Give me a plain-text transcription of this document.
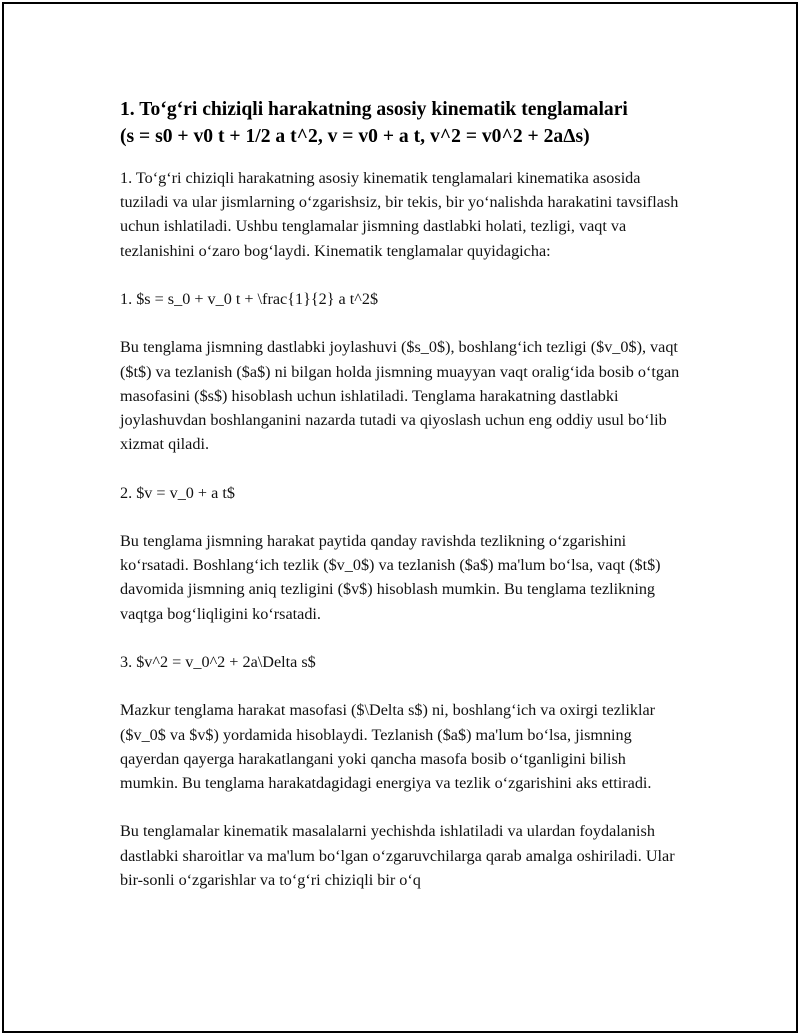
1. To‘g‘ri chiziqli harakatning asosiy kinematik tenglamalari
(s = s0 + v0 t + 1/2 a t^2, v = v0 + a t, v^2 = v0^2 + 2aΔs)

1. To‘g‘ri chiziqli harakatning asosiy kinematik tenglamalari kinematika asosida tuziladi va ular jismlarning o‘zgarishsiz, bir tekis, bir yo‘nalishda harakatini tavsiflash uchun ishlatiladi. Ushbu tenglamalar jismning dastlabki holati, tezligi, vaqt va tezlanishini o‘zaro bog‘laydi. Kinematik tenglamalar quyidagicha:

1. $s = s_0 + v_0 t + \frac{1}{2} a t^2$

Bu tenglama jismning dastlabki joylashuvi ($s_0$), boshlang‘ich tezligi ($v_0$), vaqt ($t$) va tezlanish ($a$) ni bilgan holda jismning muayyan vaqt oralig‘ida bosib o‘tgan masofasini ($s$) hisoblash uchun ishlatiladi. Tenglama harakatning dastlabki joylashuvdan boshlanganini nazarda tutadi va qiyoslash uchun eng oddiy usul bo‘lib xizmat qiladi.

2. $v = v_0 + a t$

Bu tenglama jismning harakat paytida qanday ravishda tezlikning o‘zgarishini ko‘rsatadi. Boshlang‘ich tezlik ($v_0$) va tezlanish ($a$) ma'lum bo‘lsa, vaqt ($t$) davomida jismning aniq tezligini ($v$) hisoblash mumkin. Bu tenglama tezlikning vaqtga bog‘liqligini ko‘rsatadi.

3. $v^2 = v_0^2 + 2a\Delta s$

Mazkur tenglama harakat masofasi ($\Delta s$) ni, boshlang‘ich va oxirgi tezliklar ($v_0$ va $v$) yordamida hisoblaydi. Tezlanish ($a$) ma'lum bo‘lsa, jismning qayerdan qayerga harakatlangani yoki qancha masofa bosib o‘tganligini bilish mumkin. Bu tenglama harakatdagidagi energiya va tezlik o‘zgarishini aks ettiradi.

Bu tenglamalar kinematik masalalarni yechishda ishlatiladi va ulardan foydalanish dastlabki sharoitlar va ma'lum bo‘lgan o‘zgaruvchilarga qarab amalga oshiriladi. Ular bir-sonli o‘zgarishlar va to‘g‘ri chiziqli bir o‘q
